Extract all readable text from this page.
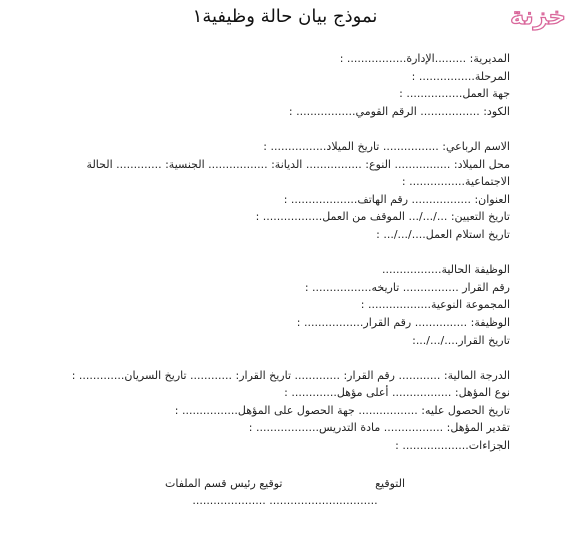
خزنة
نموذج بيان حالة وظيفية١

المديرية: .........الإدارة................. :

المرحلة................ :

جهة العمل................ :

الكود: ................. الرقم القومي................. :

الاسم الرباعي: ................ تاريخ الميلاد................ :

محل الميلاد: ................ النوع: ................ الديانة: ................. الجنسية: ............. الحالة

الاجتماعية................ :

العنوان: ................. رقم الهاتف................... :

تاريخ التعيين: .../.../... الموقف من العمل................. :

تاريخ استلام العمل..../.../... :

الوظيفة الحالية.................

رقم القرار ................ تاريخه................. :

المجموعة النوعية.................. :

الوظيفة: ............... رقم القرار................. :

تاريخ القرار..../.../...:

الدرجة المالية: ............ رقم القرار: ............. تاريخ القرار: ............ تاريخ السريان............. :

نوع المؤهل: ................. أعلى مؤهل............. :

تاريخ الحصول عليه: ................. جهة الحصول على المؤهل................ :

تقدير المؤهل: ................. مادة التدريس.................. :

الجزاءات................... :

التوقيع
توقيع رئيس قسم الملفات
..................... ...............................
